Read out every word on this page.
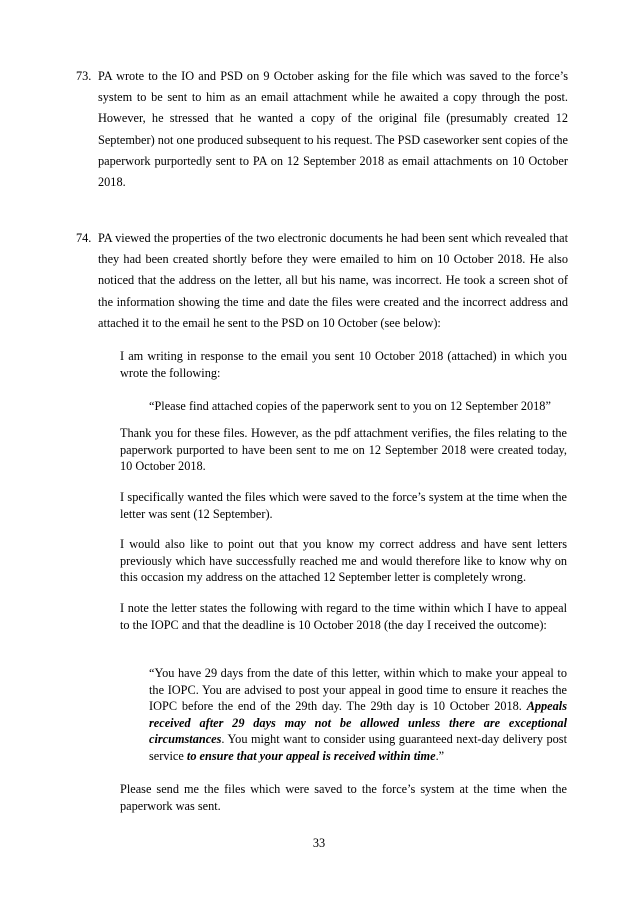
73. PA wrote to the IO and PSD on 9 October asking for the file which was saved to the force’s system to be sent to him as an email attachment while he awaited a copy through the post. However, he stressed that he wanted a copy of the original file (presumably created 12 September) not one produced subsequent to his request. The PSD caseworker sent copies of the paperwork purportedly sent to PA on 12 September 2018 as email attachments on 10 October 2018.
74. PA viewed the properties of the two electronic documents he had been sent which revealed that they had been created shortly before they were emailed to him on 10 October 2018. He also noticed that the address on the letter, all but his name, was incorrect. He took a screen shot of the information showing the time and date the files were created and the incorrect address and attached it to the email he sent to the PSD on 10 October (see below):
I am writing in response to the email you sent 10 October 2018 (attached) in which you wrote the following:
“Please find attached copies of the paperwork sent to you on 12 September 2018”
Thank you for these files. However, as the pdf attachment verifies, the files relating to the paperwork purported to have been sent to me on 12 September 2018 were created today, 10 October 2018.
I specifically wanted the files which were saved to the force’s system at the time when the letter was sent (12 September).
I would also like to point out that you know my correct address and have sent letters previously which have successfully reached me and would therefore like to know why on this occasion my address on the attached 12 September letter is completely wrong.
I note the letter states the following with regard to the time within which I have to appeal to the IOPC and that the deadline is 10 October 2018 (the day I received the outcome):
“You have 29 days from the date of this letter, within which to make your appeal to the IOPC. You are advised to post your appeal in good time to ensure it reaches the IOPC before the end of the 29th day. The 29th day is 10 October 2018. Appeals received after 29 days may not be allowed unless there are exceptional circumstances. You might want to consider using guaranteed next-day delivery post service to ensure that your appeal is received within time.”
Please send me the files which were saved to the force’s system at the time when the paperwork was sent.
33
